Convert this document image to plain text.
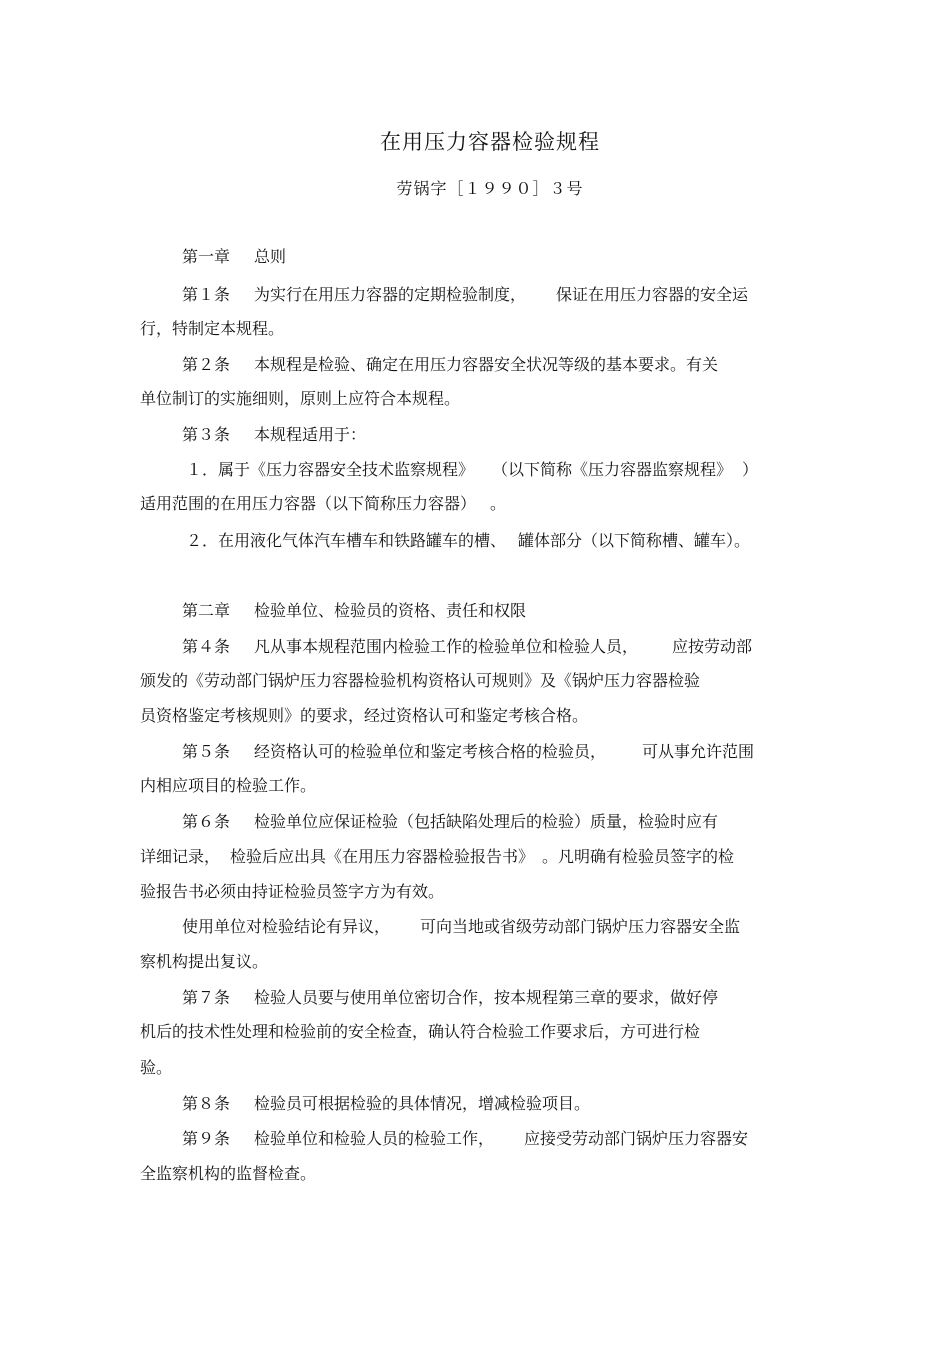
在用压力容器检验规程
劳锅字［１９９０］３号
第一章 总则
第１条 为实行在用压力容器的定期检验制度， 保证在用压力容器的安全运
行，特制定本规程。
第２条 本规程是检验、确定在用压力容器安全状况等级的基本要求。有关
单位制订的实施细则，原则上应符合本规程。
第３条 本规程适用于：
１．属于《压力容器安全技术监察规程》 （以下简称《压力容器监察规程》 ）
适用范围的在用压力容器（以下简称压力容器） 。
２．在用液化气体汽车槽车和铁路罐车的槽、 罐体部分（以下简称槽、罐车）。
第二章 检验单位、检验员的资格、责任和权限
第４条 凡从事本规程范围内检验工作的检验单位和检验人员， 应按劳动部
颁发的《劳动部门锅炉压力容器检验机构资格认可规则》及《锅炉压力容器检验
员资格鉴定考核规则》的要求，经过资格认可和鉴定考核合格。
第５条 经资格认可的检验单位和鉴定考核合格的检验员， 可从事允许范围
内相应项目的检验工作。
第６条 检验单位应保证检验（包括缺陷处理后的检验）质量，检验时应有
详细记录， 检验后应出具《在用压力容器检验报告书》 。凡明确有检验员签字的检
验报告书必须由持证检验员签字方为有效。
使用单位对检验结论有异议， 可向当地或省级劳动部门锅炉压力容器安全监
察机构提出复议。
第７条 检验人员要与使用单位密切合作，按本规程第三章的要求，做好停
机后的技术性处理和检验前的安全检查，确认符合检验工作要求后，方可进行检
验。
第８条 检验员可根据检验的具体情况，增减检验项目。
第９条 检验单位和检验人员的检验工作， 应接受劳动部门锅炉压力容器安
全监察机构的监督检查。
